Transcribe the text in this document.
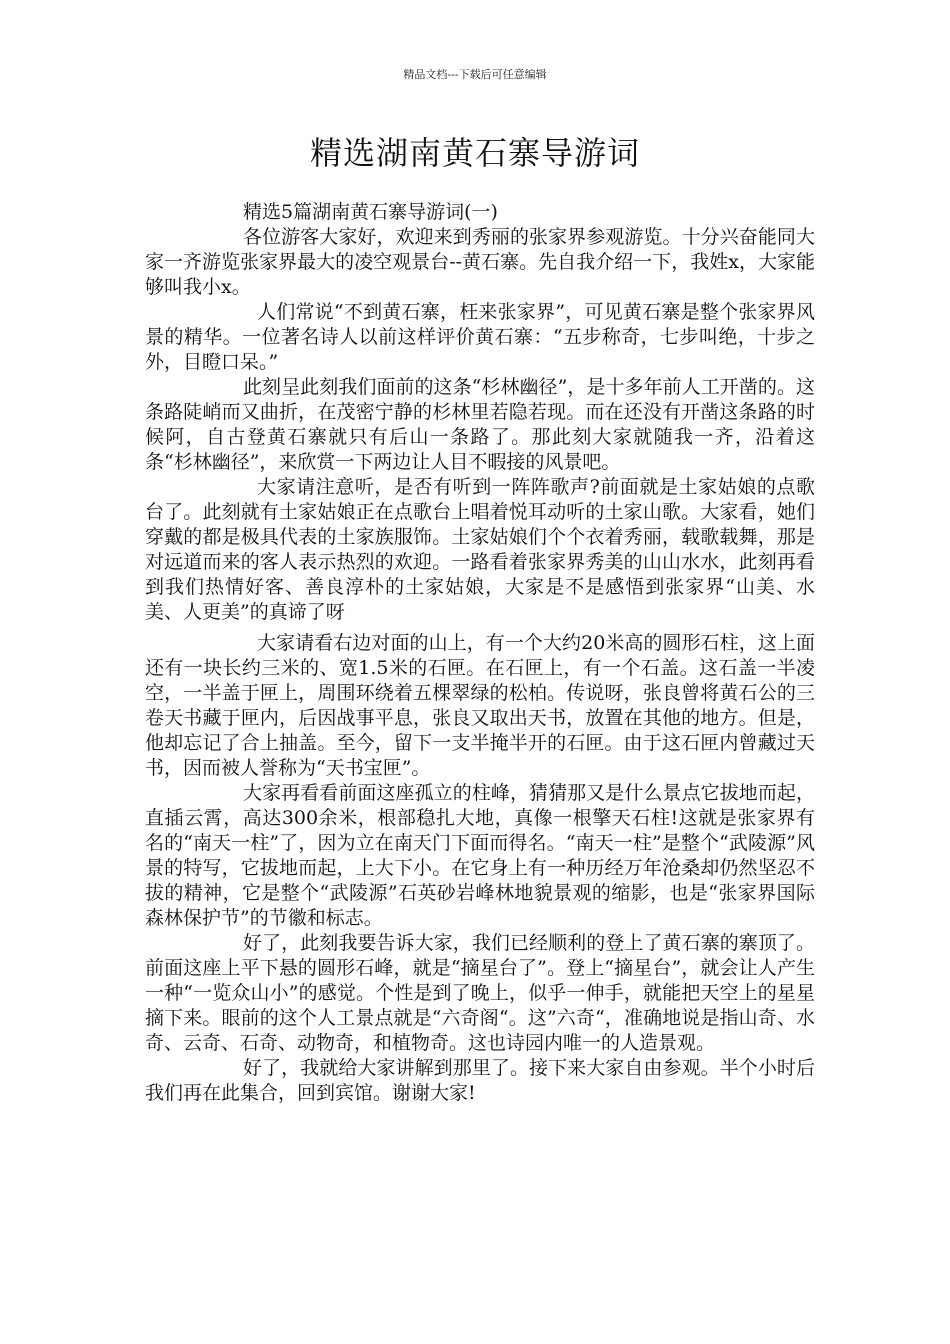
精品文档---下载后可任意编辑
精选湖南黄石寨导游词

精选5篇湖南黄石寨导游词(一)

各位游客大家好，欢迎来到秀丽的张家界参观游览。十分兴奋能同大家一齐游览张家界最大的凌空观景台--黄石寨。先自我介绍一下，我姓x，大家能够叫我小x。

人们常说“不到黄石寨，枉来张家界”，可见黄石寨是整个张家界风景的精华。一位著名诗人以前这样评价黄石寨：“五步称奇，七步叫绝，十步之外，目瞪口呆。”

此刻呈此刻我们面前的这条“杉林幽径”，是十多年前人工开凿的。这条路陡峭而又曲折，在茂密宁静的杉林里若隐若现。而在还没有开凿这条路的时候阿，自古登黄石寨就只有后山一条路了。那此刻大家就随我一齐，沿着这条“杉林幽径”，来欣赏一下两边让人目不暇接的风景吧。

大家请注意听，是否有听到一阵阵歌声?前面就是土家姑娘的点歌台了。此刻就有土家姑娘正在点歌台上唱着悦耳动听的土家山歌。大家看，她们穿戴的都是极具代表的土家族服饰。土家姑娘们个个衣着秀丽，载歌载舞，那是对远道而来的客人表示热烈的欢迎。一路看着张家界秀美的山山水水，此刻再看到我们热情好客、善良淳朴的土家姑娘，大家是不是感悟到张家界“山美、水美、人更美”的真谛了呀

大家请看右边对面的山上，有一个大约20米高的圆形石柱，这上面还有一块长约三米的、宽1.5米的石匣。在石匣上，有一个石盖。这石盖一半凌空，一半盖于匣上，周围环绕着五棵翠绿的松柏。传说呀，张良曾将黄石公的三卷天书藏于匣内，后因战事平息，张良又取出天书，放置在其他的地方。但是，他却忘记了合上抽盖。至今，留下一支半掩半开的石匣。由于这石匣内曾藏过天书，因而被人誉称为“天书宝匣”。

大家再看看前面这座孤立的柱峰，猜猜那又是什么景点它拔地而起，直插云霄，高达300余米，根部稳扎大地，真像一根擎天石柱!这就是张家界有名的“南天一柱”了，因为立在南天门下面而得名。“南天一柱”是整个“武陵源”风景的特写，它拔地而起，上大下小。在它身上有一种历经万年沧桑却仍然坚忍不拔的精神，它是整个“武陵源”石英砂岩峰林地貌景观的缩影，也是“张家界国际森林保护节”的节徽和标志。

好了，此刻我要告诉大家，我们已经顺利的登上了黄石寨的寨顶了。前面这座上平下悬的圆形石峰，就是“摘星台了”。登上“摘星台”，就会让人产生一种“一览众山小”的感觉。个性是到了晚上，似乎一伸手，就能把天空上的星星摘下来。眼前的这个人工景点就是“六奇阁“。这”六奇“，准确地说是指山奇、水奇、云奇、石奇、动物奇，和植物奇。这也诗园内唯一的人造景观。

好了，我就给大家讲解到那里了。接下来大家自由参观。半个小时后我们再在此集合，回到宾馆。谢谢大家!
